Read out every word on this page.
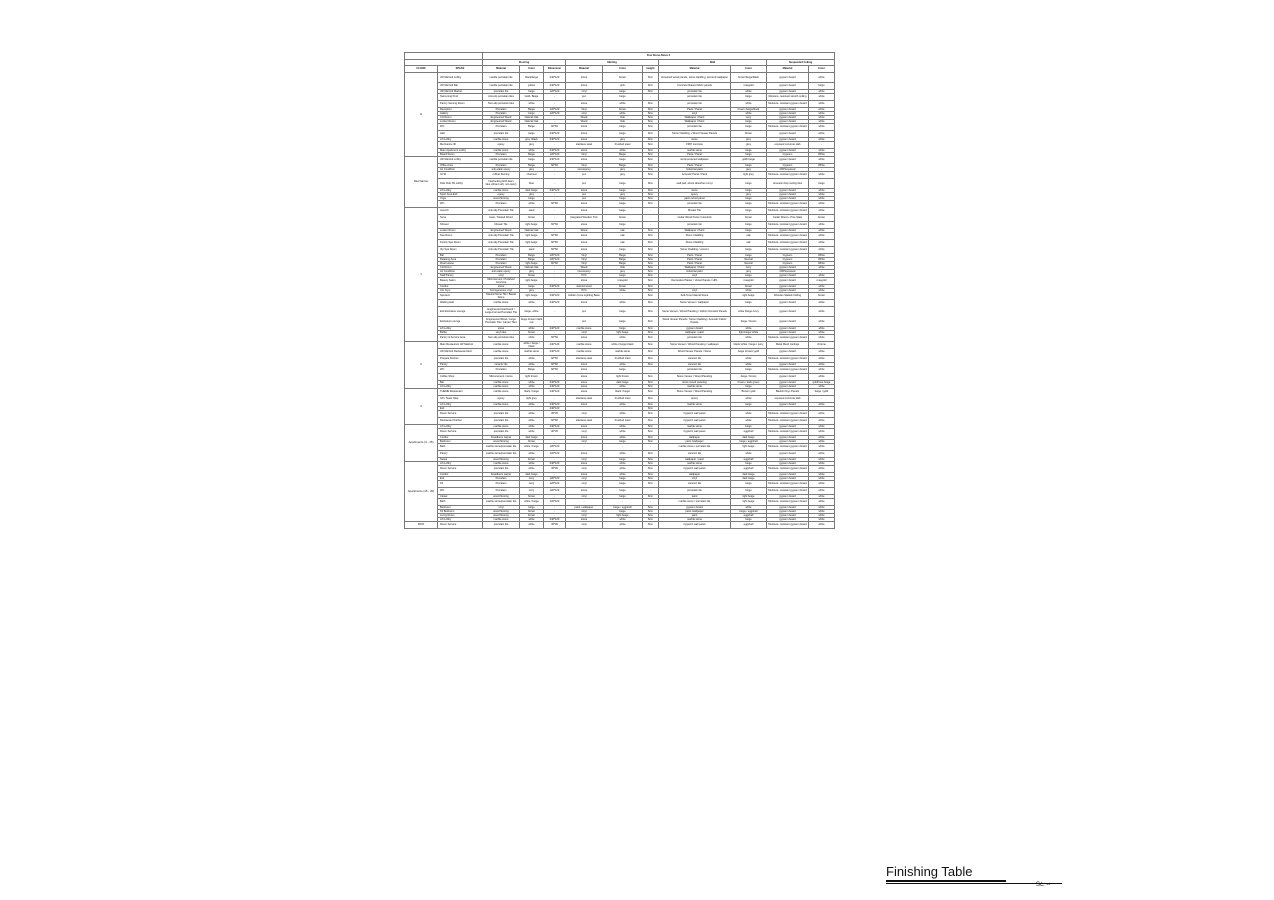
		Five Stone-Stove 2									
		Flooring			Skirting			Wall		Suspended Ceiling	
FLOOR	SPACE	Material	Color	Dimension	Material	Color	Height	Material	Color	Material	Color
G	JW Marriott Lobby	marble porcelain tile	black/beige	240*120	stone	brown	8cm	Veneered wood panels, stone cladding, textured wallpaper	brown/beige/black	gypsum board	white
	JW Marriott Bar	marble porcelain tile	yellow	240*120	stone	pink	8cm	Concrete Raised fabric panels	rosegold	gypsum board	beige
	JW Marriott Market	porcelain tile	beige	120*120	vinyl	beige	8cm	porcelain tile	white	gypsum board	white
	Swimming Pool	Anti-slip porcelain tiles	Gold- Beige	-	pvc	beige	-	porcelain tile	beige	Moisture- resistant stretch ceiling	white
	Pantry Serving Room	Non-slip porcelain tiles	white	-	stone	white	8cm	porcelain tile	white	Moisture- resistant gypsum board	white
	Reception	Porcelain	Beige	120*120	Vinyl	brown	8cm	Paint / Panel	brown /beige/black	gypsum board	white
	Gallery	Porcelain	beige	120*120	vinyl	white	8cm	vinyl	white	gypsum board	white
	CH Room	Engineered Wood	Natural Oak	-	Wood	Oak	8cm	Wallpaper / Paint	ivory	gypsum board	white
	Locker Room	Engineered Wood	Natural Oak	-	Wood	Oak	8cm	Wallpaper / Paint	beige	gypsum board	white
	WC	Porcelain	Beige	60*60	stone	beige	8cm	porcelain tile	beige	Moisture- resistant gypsum board	white
	Hall	porcelain tile	beige	240*120	stone	beige	8cm	Stone Cladding + Wood Veneer Panels	brown	gypsum board	white
	Lift Lobby	marble stone	grey /black	240*120	stone	grey	8cm	stone	grey	gypsum board	white
	Mezzanine lift	epoxy	grey	-	stainless steel	brushed steel	8cm	FRP/ concrete	grey	exposed concrete slab	-
	Main Apartment Lobby	marble stone	white	240*120	stone	white	8cm	marble stone	beige	gypsum board	white
	Board Room	Porcelain	Beige	120*120	Vinyl	Beige	8cm	Paint / Panel	beige	Gypsum	White
Mezzanine	JW Marriott Lobby	marble porcelain tile	beige	240*120	stone	beige	8cm	stone,textured wallpaper	gold/ beige	gypsum board	white
	Office Area	Porcelain	Beige	60*60	Vinyl	Beige	8cm	Paint / Panel	beige	Gypsum	White
	Air Condition	anti-static epoxy	grey	-	cove/epoxy	grey	8cm	industrial paint	grey	FRP/exposed	-
	GYM	rubber flooring	charcoal	-	pvc	grey	8cm	Acoustic Panel / Paint	light grey	Moisture- resistant gypsum board	white
	Kids Club /W Lobby	Interlocking EVA foam tiles,vibrant soft, non-toxic)	blue	-	pvc	beige	8cm	wall pad, shock absorbent vinyl	beige	Acoustic drop ceiling tiles	beige
	Lift Lobby	marble stone	dark beige	240*120	stone	beige	8cm	stone	beige	gypsum board	white
	Sport Area Exit	epoxy	grey	-	pvc	grey	8cm	epoxy	grey	gypsum board	white
	Yoga	wood flooring	beige	-	pvc	beige	8cm	paint /wood panel	beige	gypsum board	white
	WC	Porcelain	white	60*60	stone	beige	8cm	porcelain tile	beige	Moisture- resistant gypsum board	white
1	Jacuzzi	Anti-slip Porcelain Tile	sand	-	stone	beige	-	Mosaic Tile	beige	Moisture- resistant gypsum board	white
	Suna	Heat- Treated Wood	brown	-	Integrated Wooden Trim	brown	-	Cedar Wood Panel / Hemlock	brown	Cedar Wood + Pine Slats	brown
	Shower	Mosaic Tile	light beige	60*60	stone	beige	-	porcelain tile	beige	Moisture- resistant gypsum board	white
	Locker Room	Engineered Wood	Natural Oak	-	Wood	oak	8cm	Wallpaper / Paint	beige	gypsum board	white
	Spa Room	Anti-slip Porcelain Tile	light beige	60*60	stone	oak	8cm	Stone Cladding	oak	Moisture- resistant gypsum board	white
	Family Spa Room	Anti-slip Porcelain Tile	light beige	60*60	stone	oak	8cm	Stone Cladding	oak	Moisture- resistant gypsum board	white
	Vip Spa Room	Anti-slip Porcelain Tile	sand	60*60	stone	beige	8cm	Stone Cladding / cement	beige	Moisture- resistant gypsum board	white
	Bar	Porcelain	Beige	120*120	Vinyl	Beige	8cm	Paint / Panel	beige	Gypsum	White
	Relaxing Area	Porcelain	Beige	120*120	Vinyl	Beige	8cm	Paint / Panel	Neutral	Gypsum	White
	Float House	Porcelain	light beige	60*60	Vinyl	Beige	8cm	Paint / Panel	Neutral	Gypsum	White
	CH Room	Engineered Wood	Natural Oak	-	Wood	Oak	8cm	Wallpaper / Paint	ivory	gypsum board	white
	Air Condition	anti-static epoxy	grey	-	cove/epoxy	grey	8cm	industrial paint	grey	FRP/exposed	-
	Staff Pantry	vinyl	brown	-	PVC	beige	8cm	vinyl	beige	gypsum board	white
	Beauty Salon	Microcement / Polished Concrete	light beige	-	stone	rosegold	8cm	Decorative Plaster / Velvet Panels / HPL	rosegold	gypsum board	rosegold
	Coridor	stone	beige	240*120	stained wood	brown	8cm	-	brown	gypsum board	white
	Jim Gym	homogeneous vinyl	grey	-	PVC	white	8cm	vinyl	white	gypsum board	white
	Spa Exit	Natural Stone Tile / Basalt Stone	light beige	240*120	Hidden Cove Lighting Base	-	8cm	Soft-Tone Natural Stone	light beige	Wooden Slatted Ceiling	brown
	Waiting Hall	marble stone	white	240*120	stone	white	8cm	Stone Veneer / wallpaper	beige	gypsum board	white
	Exit Exclusive Lounge	Engineered Hardwood / Large-Format Porcelain Tile	beige, white	-	pvc	beige	8cm	Stone Veneer / Wood Paneling / Fabric /Acoustic Panels	white /beige /ivory	gypsum board	white
	Exclusive Lounge	Engineered Wood / Large Porcelain Tile / Carpet Tiles	beige /brown /dark red	-	pvc	beige	8cm	Wood Veneer Panels / Stone Cladding / Acoustic Fabric Panels	beige / brown	gypsum board	white
	Lift Lobby	stone	white	240*120	marble stone	beige	8cm	gypsum board	white	gypsum board	white
	Buffet	vinyl tiles	brown	-	vinyl	light beige	8cm	wallpaper / paint	light beige/ white	gypsum board	white
	Pantry & Service Area	Non-slip porcelain tiles	white	60*60	stone	white	8cm	porcelain tile	white	Moisture- resistant gypsum board	white
2	Main Restaurant JW Marriott	marble stone	white / beige / black	240*120	marble stone	white / beige/ black	8cm	Stone Veneer / Wood Paneling / wallpaper	black/ white / beige / ivory	Metal Mesh Ceilings	chrome
	JW Marriott Restaurant Exit	marble stone	marble stone	240*120	marble stone	marble stone	8cm	Wood Veneer Panels / Stone	beige /brown/ gold	gypsum board	white
	Prepare Kitchen	porcelain tile	white	60*60	stainless steel	brushed steel	8cm	ceramic tile	white	Moisture- resistant gypsum board	white
	Pantry	ceramic tile	white	60*60	stone	white	8cm	ceramic tile	white	gypsum board	white
	WC	Porcelain	Beige	60*60	stone	beige	-	porcelain tile	beige	Moisture- resistant gypsum board	white
	Coffee Shop	Microcement / stone	light brown	-	stone	light brown	8cm	Stone Veneer / Wood Paneling	beige / brown	gypsum board	white
	Bar	marble stone	white	240*120	stone	dark beige	8cm	stone /wood paneling	brown / dark green	gypsum board	gold/rose beige
	Lift Lobby	marble stone	white	240*120	stone	white	8cm	marble stone	beige	gypsum board	white
3	THEME Restaurant	marble stone	black / beige	240*120	stone	black / beige	8cm	Stone Veneer / Wood Paneling	Brown/ gold	Backlit Onyx Panels	beige / gold
	GTL Tower Map	epoxy	light grey	-	stainless steel	brushed steel	8cm	epoxy	white	exposed concrete slab	-
	Lift Lobby	marble stone	white	240*120	stone	white	8cm	marble stone	beige	gypsum board	white
	Exit			240*120			8cm				
	Room Service	porcelain tile	white	30*30	vinyl	white	8cm	hygienic wall panel	white	Moisture- resistant gypsum board	white
	Restaurant Kitchen	porcelain tile	white	60*60	stainless steel	brushed steel	8cm	hygienic wall panel	white	Moisture- resistant gypsum board	white
Apartments (4 - 15)	Lift Lobby	marble stone	white	240*120	stone	white	8cm	marble stone	beige	gypsum board	white
	Room Service	porcelain tile	white	30*30	vinyl	white	8cm	hygienic wall panel	eggshell	Moisture- resistant gypsum board	white
	Coridor	broadloom carpet	dark beige	-	stone	white	8cm	wallpaper	dark beige	gypsum board	white
	Bedroom	wood flooring	brown	-	vinyl	beige	8cm	paint /wallpaper	beige / eggshell	gypsum board	white
	Bath	marble stone/porcelain tile	white / beige	120*120	-	-	-	marble stone / porcelain tile	light beige	Moisture- resistant gypsum board	white
	Pantry	marble stone/porcelain tile	white	120*120	stone	white	8cm	ceramic tile	white	gypsum board	white
	Suites	wood flooring	brown	-	vinyl	beige	8cm	wallpaper / paint	eggshell	gypsum board	white
Apartments (15 - 20)	Lift Lobby	marble stone	white	240*120	stone	white	8cm	marble stone	beige	gypsum board	white
	Room Service	porcelain tile	white	30*30	vinyl	white	8cm	hygienic wall panel	eggshell	Moisture- resistant gypsum board	white
	Coridor	broadloom carpet	dark beige	-	stone	white	8cm	wallpaper	dark beige	gypsum board	white
	Exit	Porcelain	ivory	120*120	vinyl	beige	8cm	vinyl	dark beige	gypsum board	white
	Kit	Porcelain	ivory	120*120	vinyl	beige	8cm	ceramic tile	beige	Moisture- resistant gypsum board	white
	WC	Porcelain	ivory	120*120	stone	beige	-	porcelain tile	beige	Moisture- resistant gypsum board	white
	Closet	wood flooring	brown	-	vinyl	beige	8cm	paint	light beige	gypsum board	white
	Bath	marble stone/porcelain tile	white / beige	120*120	-	-	-	marble stone / porcelain tile	light beige	Moisture- resistant gypsum board	white
	Bedroom	vinyl	beige	-	paint / wallpaper	beige / eggshell	8cm	gypsum board	white	gypsum board	white
	Kit Bedroom	wood flooring	brown	-	vinyl	beige	8cm	paint /wallpaper	beige / eggshell	gypsum board	white
	Living Room	wood flooring	brown	-	vinyl	light beige	8cm	paint	eggshell	gypsum board	white
	Lift Lobby	marble stone	white	240*120	stone	white	8cm	marble stone	beige	gypsum board	white
ROO	Room Service	porcelain tile	white	30*30	vinyl	white	8cm	hygienic wall panel	eggshell	Moisture- resistant gypsum board	white
Finishing Table
Sc. --
